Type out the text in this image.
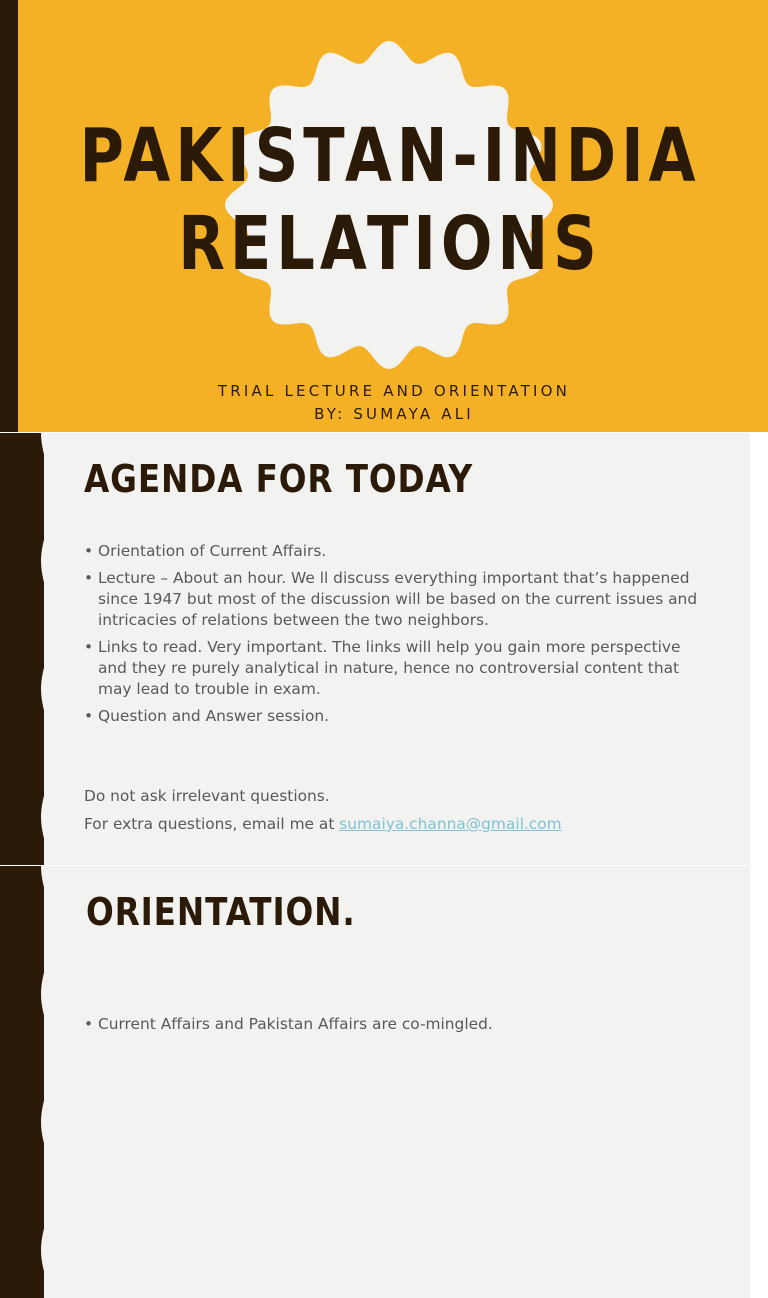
PAKISTAN-INDIA
RELATIONS
TRIAL LECTURE AND ORIENTATION
BY: SUMAYA ALI
AGENDA FOR TODAY
• Orientation of Current Affairs.
• Lecture – About an hour. We ll discuss everything important that’s happened since 1947 but most of the discussion will be based on the current issues and intricacies of relations between the two neighbors.
• Links to read. Very important. The links will help you gain more perspective and they re purely analytical in nature, hence no controversial content that may lead to trouble in exam.
• Question and Answer session.
Do not ask irrelevant questions.
For extra questions, email me at sumaiya.channa@gmail.com
ORIENTATION.
• Current Affairs and Pakistan Affairs are co-mingled.
